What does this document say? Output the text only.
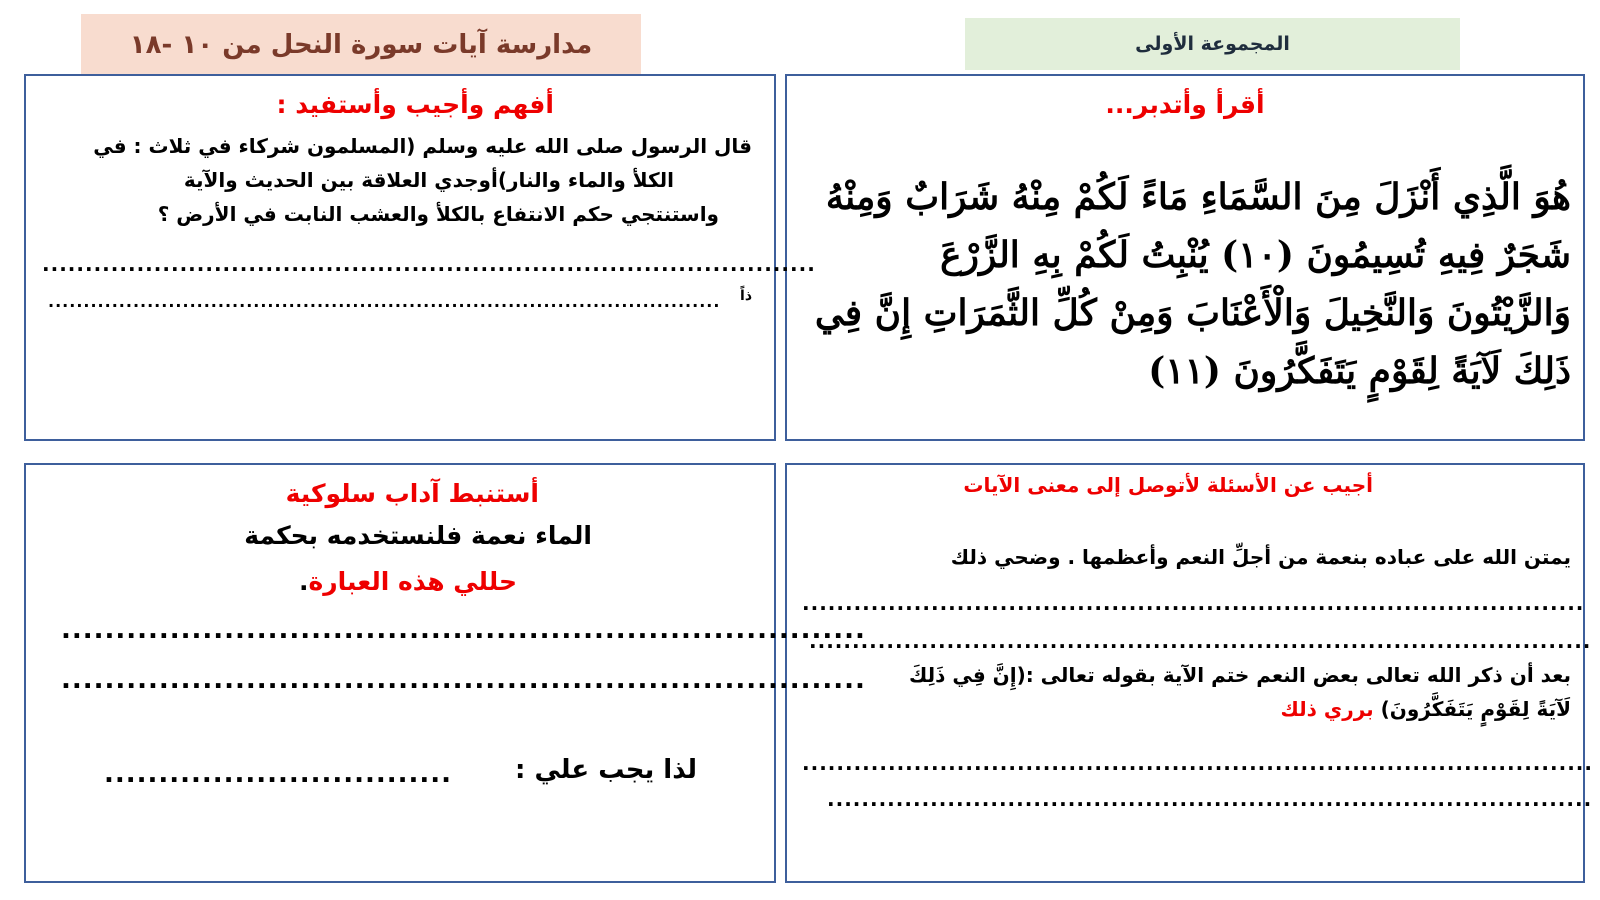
مدارسة آيات سورة النحل من ١٠ -١٨	المجموعة الأولى
أقرأ وأتدبر...
هُوَ الَّذِي أَنْزَلَ مِنَ السَّمَاءِ مَاءً لَكُمْ مِنْهُ شَرَابٌ وَمِنْهُ
شَجَرٌ فِيهِ تُسِيمُونَ (١٠) يُنْبِتُ لَكُمْ بِهِ الزَّرْعَ
وَالزَّيْتُونَ وَالنَّخِيلَ وَالْأَعْنَابَ وَمِنْ كُلِّ الثَّمَرَاتِ إِنَّ فِي
ذَلِكَ لَآيَةً لِقَوْمٍ يَتَفَكَّرُونَ (١١)
أفهم وأجيب وأستفيد :
قال الرسول صلى الله عليه وسلم (المسلمون شركاء في ثلاث : في
الكلأ والماء والنار)أوجدي العلاقة بين الحديث والآية
واستنتجي حكم الانتفاع بالكلأ والعشب النابت في الأرض ؟
..........................................................................................
ذاً
...............................................................................................
أجيب عن الأسئلة لأتوصل إلى معنى الآيات
يمتن الله على عباده بنعمة من أجلِّ النعم وأعظمها . وضحي ذلك
...........................................................................................
...........................................................................................
بعد أن ذكر الله تعالى بعض النعم ختم الآية بقوله تعالى :(إِنَّ فِي ذَلِكَ
لَآيَةً لِقَوْمٍ يَتَفَكَّرُونَ) برري ذلك
............................................................................................
.........................................................................................
أستنبط آداب سلوكية
الماء نعمة فلنستخدمه بحكمة
حللي هذه العبارة.
..........................................................................
..........................................................................
لذا يجب علي :
................................
